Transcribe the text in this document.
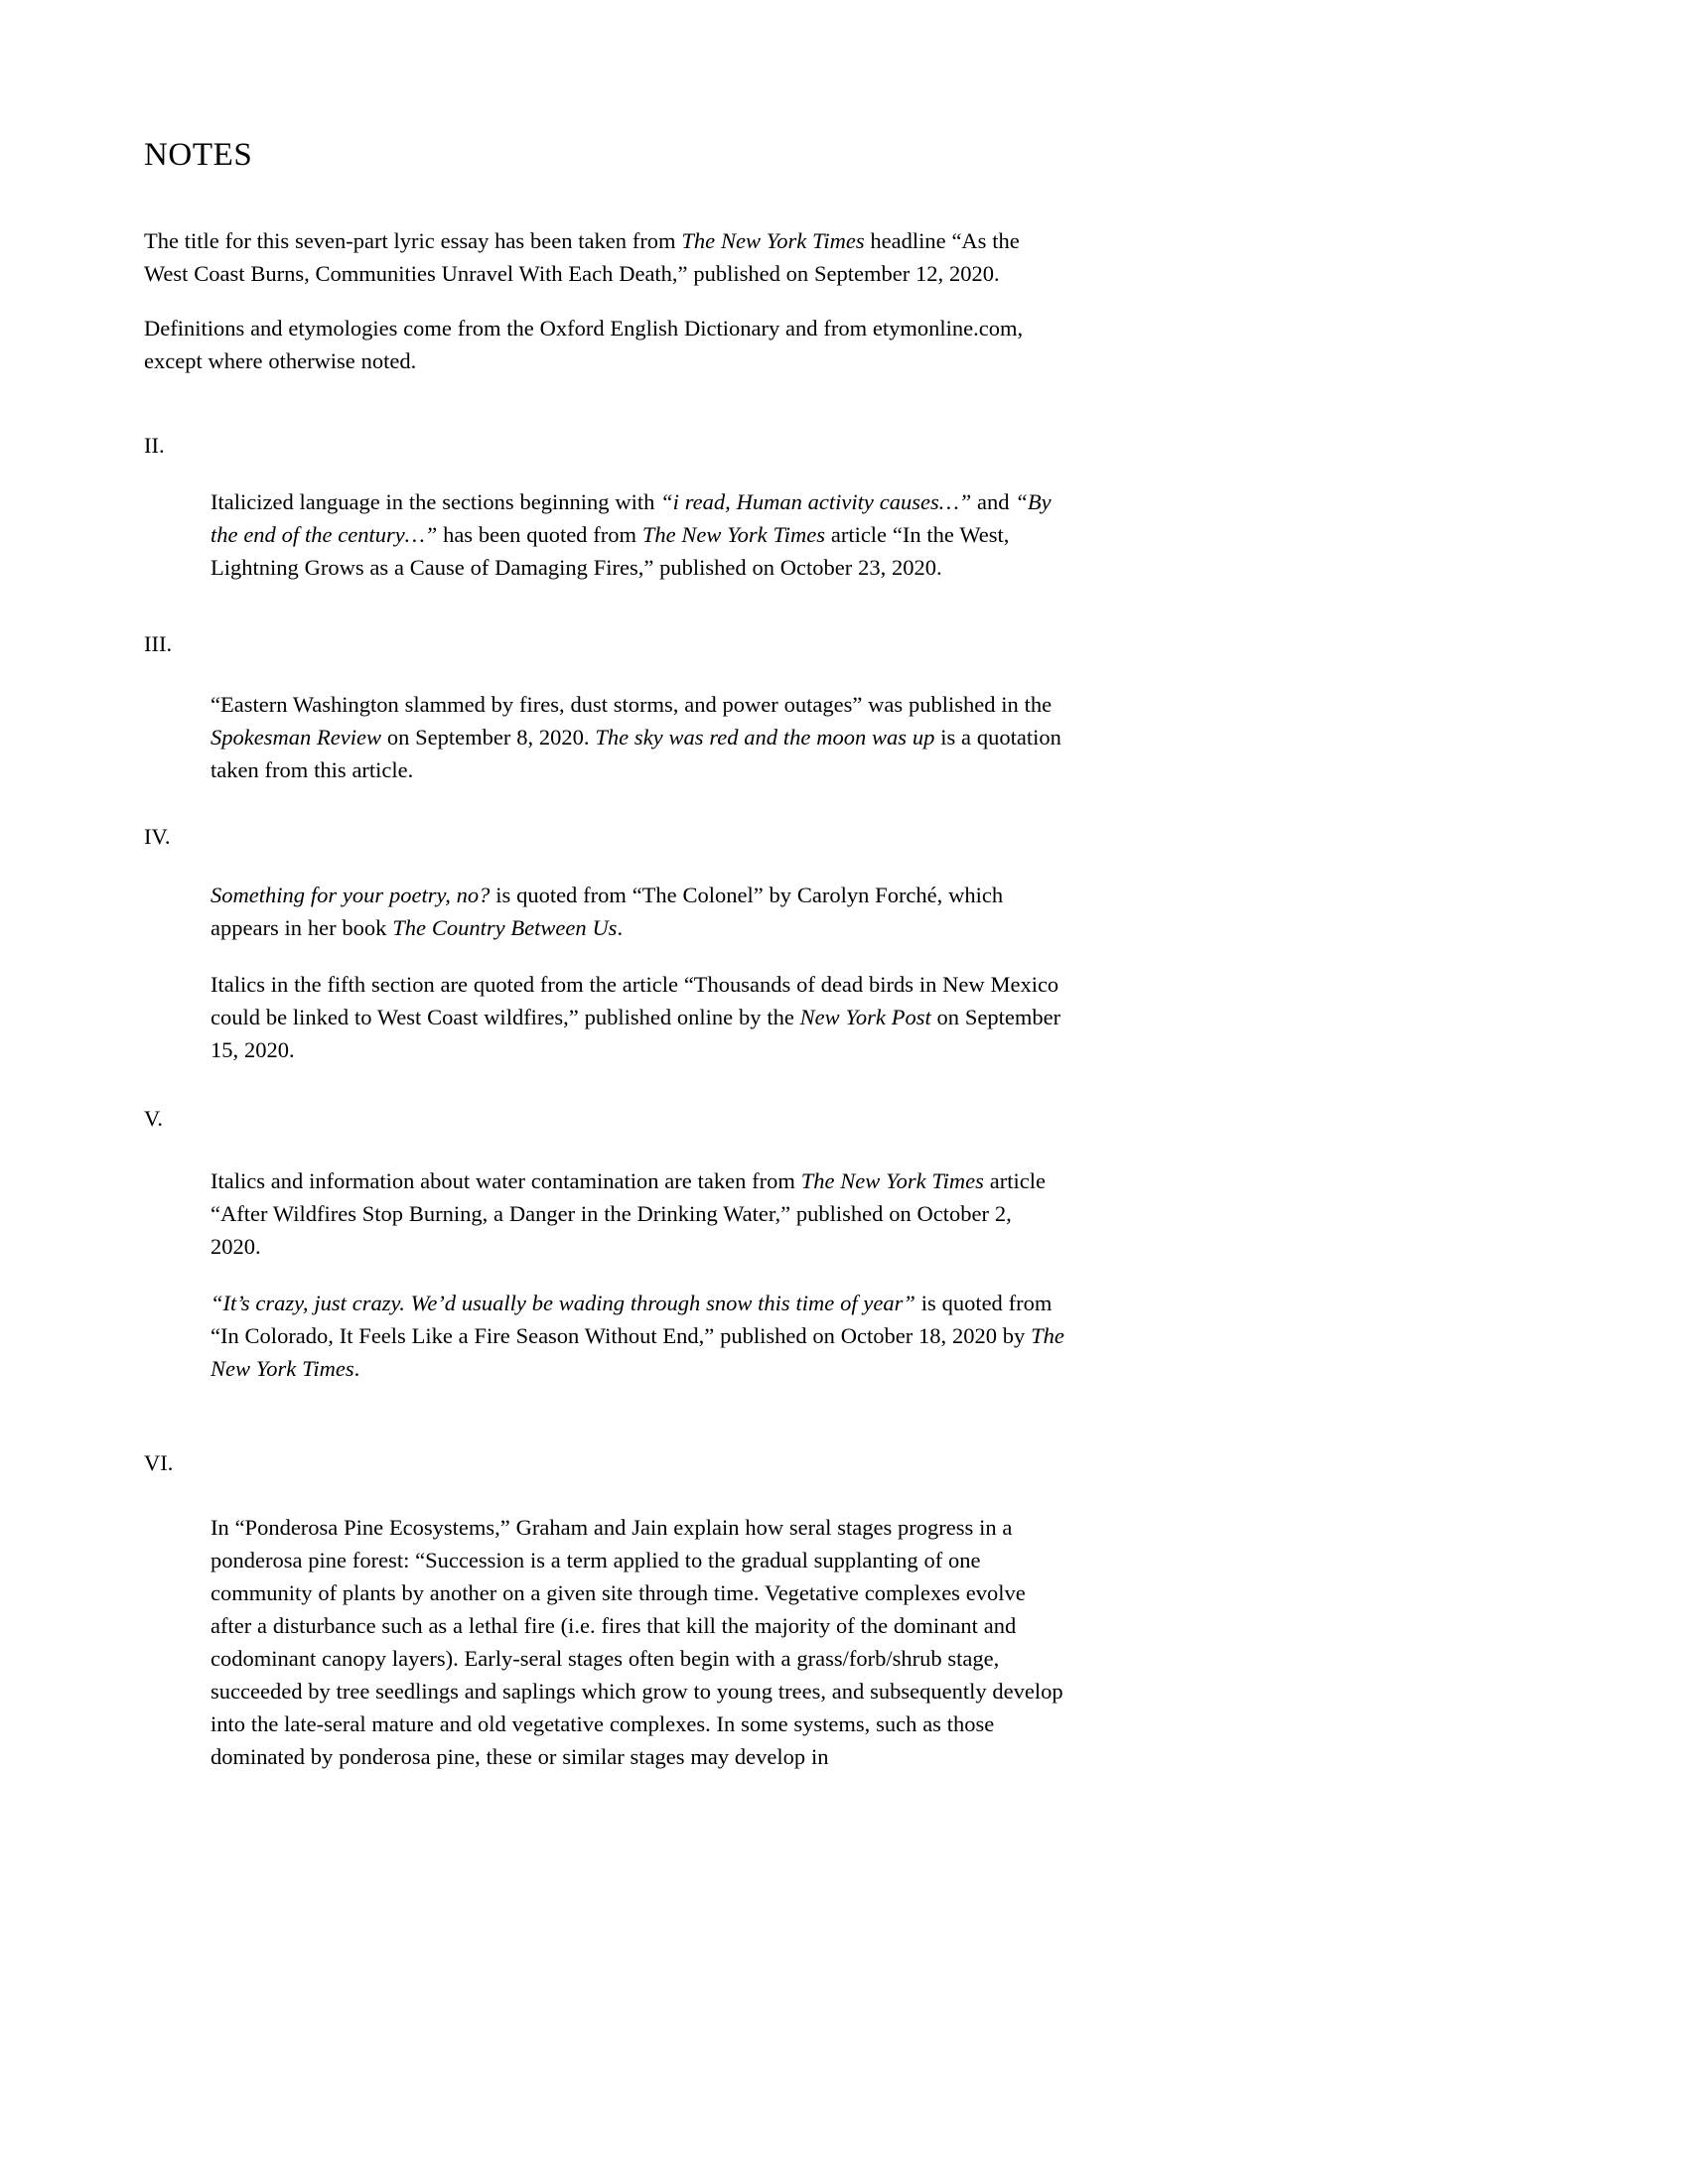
NOTES

The title for this seven-part lyric essay has been taken from The New York Times headline “As the West Coast Burns, Communities Unravel With Each Death,” published on September 12, 2020.

Definitions and etymologies come from the Oxford English Dictionary and from etymonline.com, except where otherwise noted.

II.

Italicized language in the sections beginning with “i read, Human activity causes…” and “By the end of the century…” has been quoted from The New York Times article “In the West, Lightning Grows as a Cause of Damaging Fires,” published on October 23, 2020.

III.

“Eastern Washington slammed by fires, dust storms, and power outages” was published in the Spokesman Review on September 8, 2020. The sky was red and the moon was up is a quotation taken from this article.

IV.

Something for your poetry, no? is quoted from “The Colonel” by Carolyn Forché, which appears in her book The Country Between Us.

Italics in the fifth section are quoted from the article “Thousands of dead birds in New Mexico could be linked to West Coast wildfires,” published online by the New York Post on September 15, 2020.

V.

Italics and information about water contamination are taken from The New York Times article “After Wildfires Stop Burning, a Danger in the Drinking Water,” published on October 2, 2020.

“It’s crazy, just crazy. We’d usually be wading through snow this time of year” is quoted from “In Colorado, It Feels Like a Fire Season Without End,” published on October 18, 2020 by The New York Times.

VI.

In “Ponderosa Pine Ecosystems,” Graham and Jain explain how seral stages progress in a ponderosa pine forest: “Succession is a term applied to the gradual supplanting of one community of plants by another on a given site through time. Vegetative complexes evolve after a disturbance such as a lethal fire (i.e. fires that kill the majority of the dominant and codominant canopy layers). Early-seral stages often begin with a grass/forb/shrub stage, succeeded by tree seedlings and saplings which grow to young trees, and subsequently develop into the late-seral mature and old vegetative complexes. In some systems, such as those dominated by ponderosa pine, these or similar stages may develop in
